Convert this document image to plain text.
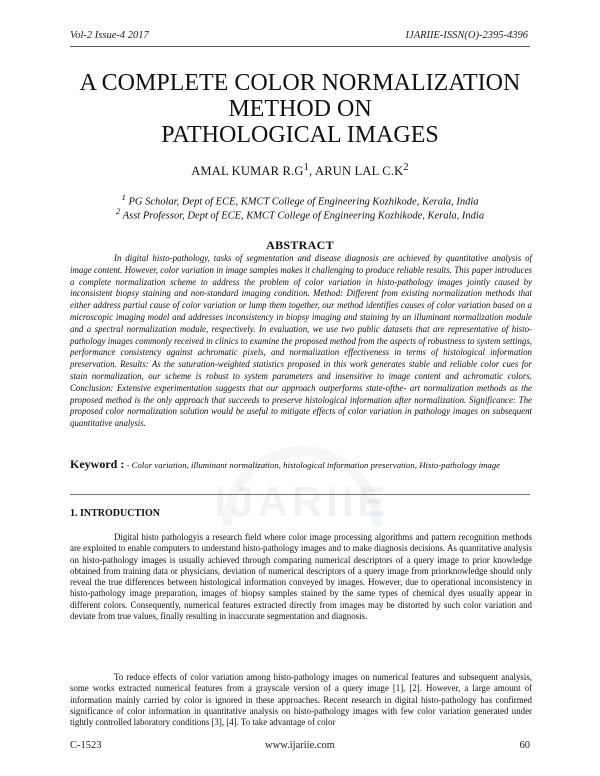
Vol-2 Issue-4 2017	IJARIIE-ISSN(O)-2395-4396
A COMPLETE COLOR NORMALIZATION
METHOD ON
PATHOLOGICAL IMAGES
AMAL KUMAR $R.G^1$, ARUN LAL $C.K^2$
$^1$ PG Scholar, Dept of ECE, KMCT College of Engineering Kozhikode, Kerala, India
$^2$ Asst Professor, Dept of ECE, KMCT College of Engineering Kozhikode, Kerala, India
ABSTRACT

In digital histo-pathology, tasks of segmentation and disease diagnosis are achieved by quantitative analysis of image content. However, color variation in image samples makes it challenging to produce reliable results. This paper introduces a complete normalization scheme to address the problem of color variation in histo-pathology images jointly caused by inconsistent biopsy staining and non-standard imaging condition. Method: Different from existing normalization methods that either address partial cause of color variation or lump them together, our method identifies causes of color variation based on a microscopic imaging model and addresses inconsistency in biopsy imaging and staining by an illuminant normalization module and a spectral normalization module, respectively. In evaluation, we use two public datasets that are representative of histo-pathology images commonly received in clinics to examine the proposed method from the aspects of robustness to system settings, performance consistency against achromatic pixels, and normalization effectiveness in terms of histological information preservation. Results: As the saturation-weighted statistics proposed in this work generates stable and reliable color cues for stain normalization, our scheme is robust to system parameters and insensitive to image content and achromatic colors. Conclusion: Extensive experimentation suggests that our approach outperforms state-ofthe- art normalization methods as the proposed method is the only approach that succeeds to preserve histological information after normalization. Significance: The proposed color normalization solution would be useful to mitigate effects of color variation in pathology images on subsequent quantitative analysis.

IJARIIE

Keyword : - Color variation, illuminant normalization, histological information preservation, Histo-pathology image

1. INTRODUCTION

Digital histo pathologyis a research field where color image processing algorithms and pattern recognition methods are exploited to enable computers to understand histo-pathology images and to make diagnosis decisions. As quantitative analysis on histo-pathology images is usually achieved through comparing numerical descriptors of a query image to prior knowledge obtained from training data or physicians, deviation of numerical descriptors of a query image from priorknowledge should only reveal the true differences between histological information conveyed by images. However, due to operational inconsistency in histo-pathology image preparation, images of biopsy samples stained by the same types of chemical dyes usually appear in different colors. Consequently, numerical features extracted directly from images may be distorted by such color variation and deviate from true values, finally resulting in inaccurate segmentation and diagnosis.

To reduce effects of color variation among histo-pathology images on numerical features and subsequent analysis, some works extracted numerical features from a grayscale version of a query image [1], [2]. However, a large amount of information mainly carried by color is ignored in these approaches. Recent research in digital histo-pathology has confirmed significance of color information in quantitative analysis on histo-pathology images with few color variation generated under tightly controlled laboratory conditions [3], [4]. To take advantage of color

C-1523	www.ijariie.com	60
